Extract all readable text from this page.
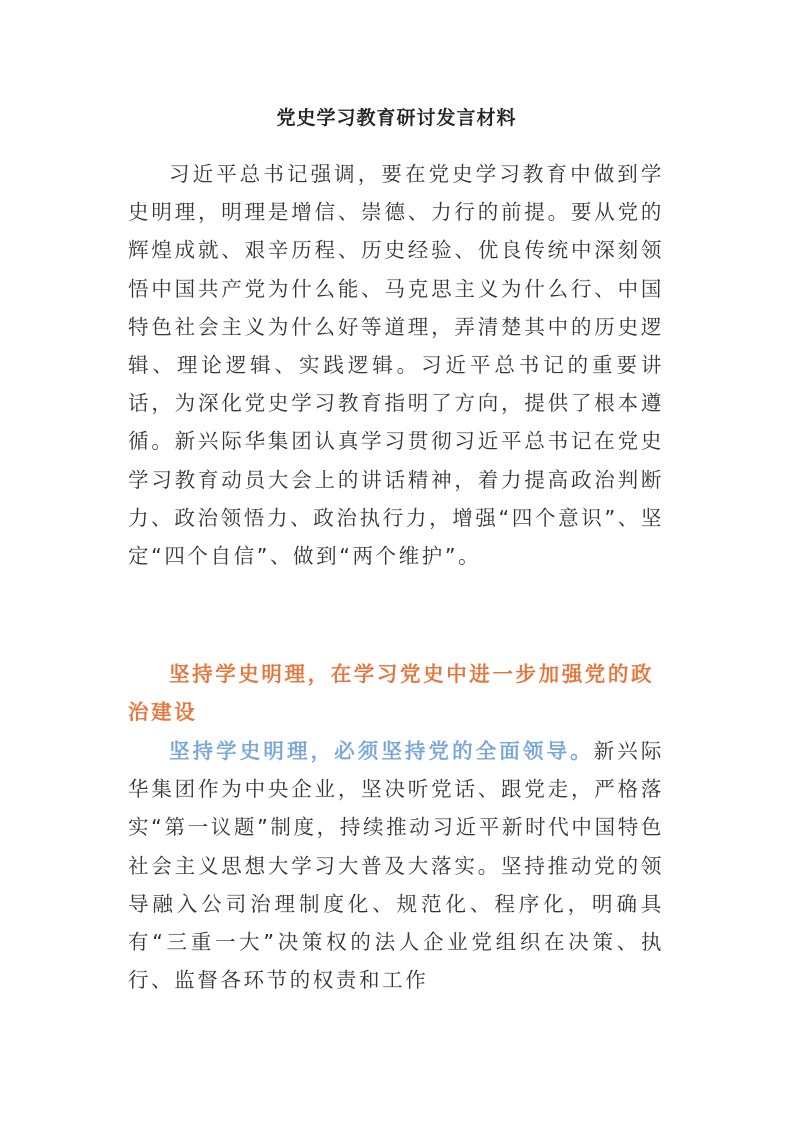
党史学习教育研讨发言材料

习近平总书记强调，要在党史学习教育中做到学史明理，明理是增信、崇德、力行的前提。要从党的辉煌成就、艰辛历程、历史经验、优良传统中深刻领悟中国共产党为什么能、马克思主义为什么行、中国特色社会主义为什么好等道理，弄清楚其中的历史逻辑、理论逻辑、实践逻辑。习近平总书记的重要讲话，为深化党史学习教育指明了方向，提供了根本遵循。新兴际华集团认真学习贯彻习近平总书记在党史学习教育动员大会上的讲话精神，着力提高政治判断力、政治领悟力、政治执行力，增强“四个意识”、坚定“四个自信”、做到“两个维护”。

坚持学史明理，在学习党史中进一步加强党的政治建设

坚持学史明理，必须坚持党的全面领导。新兴际华集团作为中央企业，坚决听党话、跟党走，严格落实“第一议题”制度，持续推动习近平新时代中国特色社会主义思想大学习大普及大落实。坚持推动党的领导融入公司治理制度化、规范化、程序化，明确具有“三重一大”决策权的法人企业党组织在决策、执行、监督各环节的权责和工作
